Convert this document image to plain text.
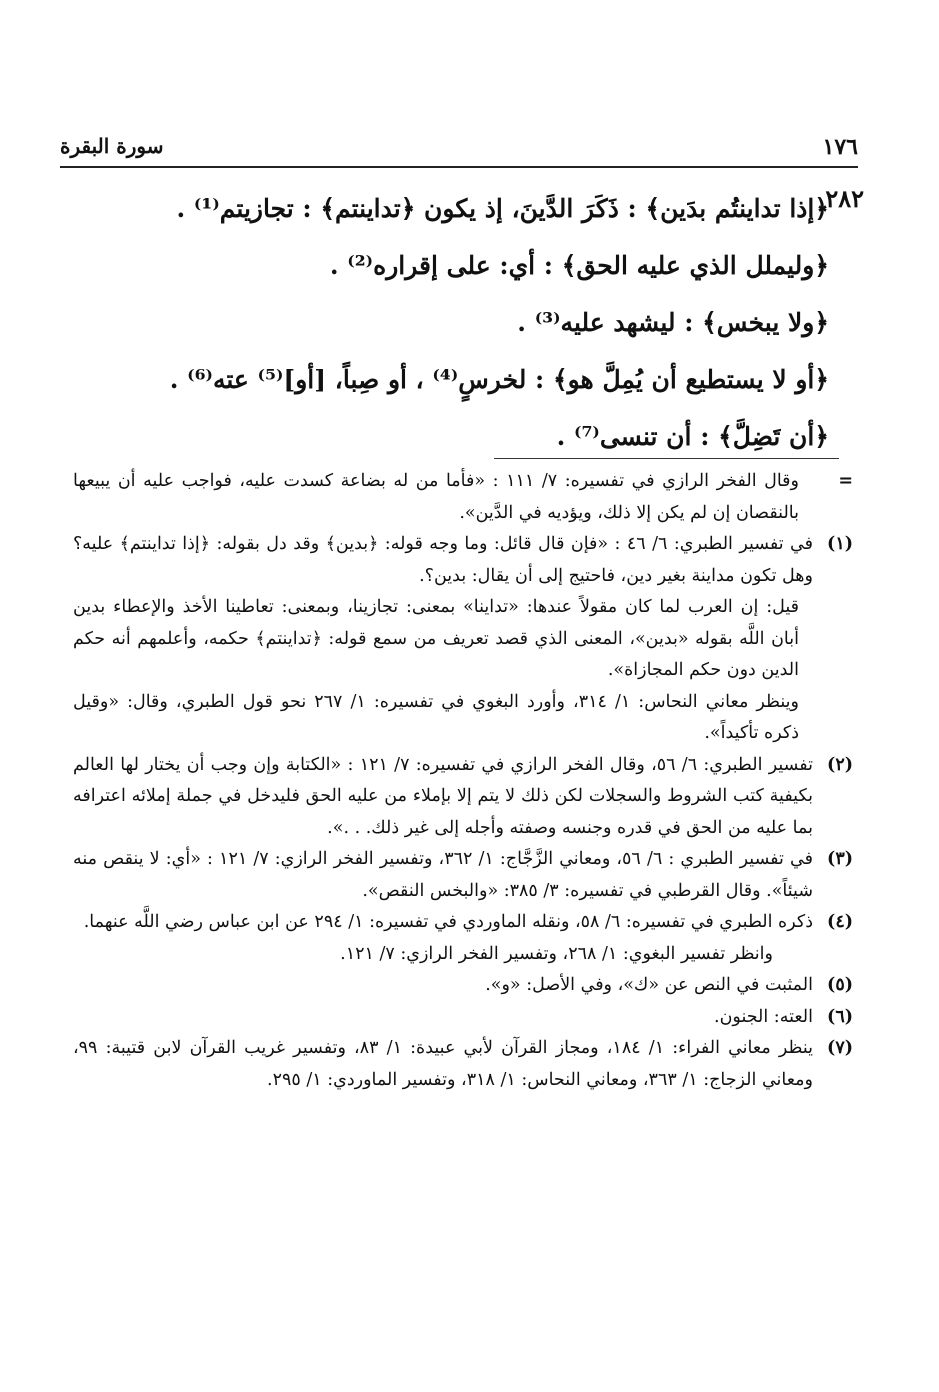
سورة البقرة	١٧٦
٢٨٢
﴿إذا تداينتُم بدَين﴾ : ذَكَرَ الدَّينَ، إذ يكون ﴿تداينتم﴾ : تجازيتم⁽¹⁾ .
﴿وليملل الذي عليه الحق﴾ : أي: على إقراره⁽²⁾ .
﴿ولا يبخس﴾ : ليشهد عليه⁽³⁾ .
﴿أو لا يستطيع أن يُمِلَّ هو﴾ : لخرسٍ⁽⁴⁾ ، أو صِباً، [أو]⁽⁵⁾ عته⁽⁶⁾ .
﴿أن تَضِلَّ﴾ : أن تنسى⁽⁷⁾ .
=

وقال الفخر الرازي في تفسيره: ٧/ ١١١ : «فأما من له بضاعة كسدت عليه، فواجب عليه أن يبيعها بالنقصان إن لم يكن إلا ذلك، ويؤديه في الدَّين».

(١)

في تفسير الطبري: ٦/ ٤٦ : «فإن قال قائل: وما وجه قوله: ﴿بدين﴾ وقد دل بقوله: ﴿إذا تداينتم﴾ عليه؟ وهل تكون مداينة بغير دين، فاحتيج إلى أن يقال: بدين؟.

قيل: إن العرب لما كان مقولاً عندها: «تداينا» بمعنى: تجازينا، وبمعنى: تعاطينا الأخذ والإعطاء بدين أبان اللَّه بقوله «بدين»، المعنى الذي قصد تعريف من سمع قوله: ﴿تداينتم﴾ حكمه، وأعلمهم أنه حكم الدين دون حكم المجازاة».

وينظر معاني النحاس: ١/ ٣١٤، وأورد البغوي في تفسيره: ١/ ٢٦٧ نحو قول الطبري، وقال: «وقيل ذكره تأكيداً».

(٢)

تفسير الطبري: ٦/ ٥٦، وقال الفخر الرازي في تفسيره: ٧/ ١٢١ : «الكتابة وإن وجب أن يختار لها العالم بكيفية كتب الشروط والسجلات لكن ذلك لا يتم إلا بإملاء من عليه الحق فليدخل في جملة إملائه اعترافه بما عليه من الحق في قدره وجنسه وصفته وأجله إلى غير ذلك. . .».

(٣)

في تفسير الطبري : ٦/ ٥٦، ومعاني الزَّجَّاج: ١/ ٣٦٢، وتفسير الفخر الرازي: ٧/ ١٢١ : «أي: لا ينقص منه شيئاً». وقال القرطبي في تفسيره: ٣/ ٣٨٥: «والبخس النقص».

(٤)

ذكره الطبري في تفسيره: ٦/ ٥٨، ونقله الماوردي في تفسيره: ١/ ٢٩٤ عن ابن عباس رضي اللَّه عنهما.

وانظر تفسير البغوي: ١/ ٢٦٨، وتفسير الفخر الرازي: ٧/ ١٢١.

(٥)

المثبت في النص عن «ك»، وفي الأصل: «و».

(٦)

العته: الجنون.

(٧)

ينظر معاني الفراء: ١/ ١٨٤، ومجاز القرآن لأبي عبيدة: ١/ ٨٣، وتفسير غريب القرآن لابن قتيبة: ٩٩، ومعاني الزجاج: ١/ ٣٦٣، ومعاني النحاس: ١/ ٣١٨، وتفسير الماوردي: ١/ ٢٩٥.
